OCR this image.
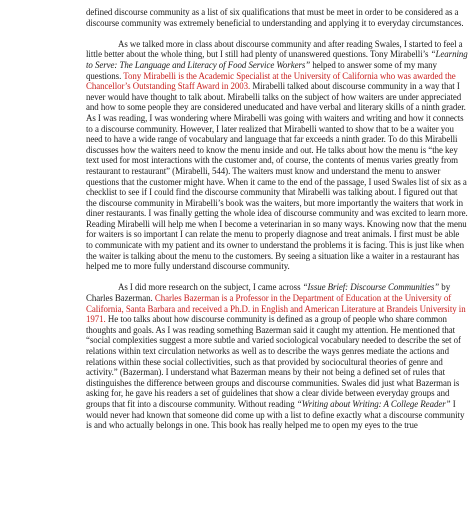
defined discourse community as a list of six qualifications that must be meet in order to be considered as a discourse community was extremely beneficial to understanding and applying it to everyday circumstances.

As we talked more in class about discourse community and after reading Swales, I started to feel a little better about the whole thing, but I still had plenty of unanswered questions. Tony Mirabelli’s “Learning to Serve: The Language and Literacy of Food Service Workers” helped to answer some of my many questions. Tony Mirabelli is the Academic Specialist at the University of California who was awarded the Chancellor’s Outstanding Staff Award in 2003. Mirabelli talked about discourse community in a way that I never would have thought to talk about. Mirabelli talks on the subject of how waiters are under appreciated and how to some people they are considered uneducated and have verbal and literary skills of a ninth grader. As I was reading, I was wondering where Mirabelli was going with waiters and writing and how it connects to a discourse community. However, I later realized that Mirabelli wanted to show that to be a waiter you need to have a wide range of vocabulary and language that far exceeds a ninth grader. To do this Mirabelli discusses how the waiters need to know the menu inside and out. He talks about how the menu is “the key text used for most interactions with the customer and, of course, the contents of menus varies greatly from restaurant to restaurant” (Mirabelli, 544). The waiters must know and understand the menu to answer questions that the customer might have. When it came to the end of the passage, I used Swales list of six as a checklist to see if I could find the discourse community that Mirabelli was talking about. I figured out that the discourse community in Mirabelli’s book was the waiters, but more importantly the waiters that work in diner restaurants. I was finally getting the whole idea of discourse community and was excited to learn more. Reading Mirabelli will help me when I become a veterinarian in so many ways. Knowing now that the menu for waiters is so important I can relate the menu to properly diagnose and treat animals. I first must be able to communicate with my patient and its owner to understand the problems it is facing. This is just like when the waiter is talking about the menu to the customers. By seeing a situation like a waiter in a restaurant has helped me to more fully understand discourse community.

As I did more research on the subject, I came across “Issue Brief: Discourse Communities” by Charles Bazerman. Charles Bazerman is a Professor in the Department of Education at the University of California, Santa Barbara and received a Ph.D. in English and American Literature at Brandeis University in 1971. He too talks about how discourse community is defined as a group of people who share common thoughts and goals. As I was reading something Bazerman said it caught my attention. He mentioned that “social complexities suggest a more subtle and varied sociological vocabulary needed to describe the set of relations within text circulation networks as well as to describe the ways genres mediate the actions and relations within these social collectivities, such as that provided by sociocultural theories of genre and activity.” (Bazerman). I understand what Bazerman means by their not being a defined set of rules that distinguishes the difference between groups and discourse communities. Swales did just what Bazerman is asking for, he gave his readers a set of guidelines that show a clear divide between everyday groups and groups that fit into a discourse community. Without reading “Writing about Writing: A College Reader” I would never had known that someone did come up with a list to define exactly what a discourse community is and who actually belongs in one. This book has really helped me to open my eyes to the true
